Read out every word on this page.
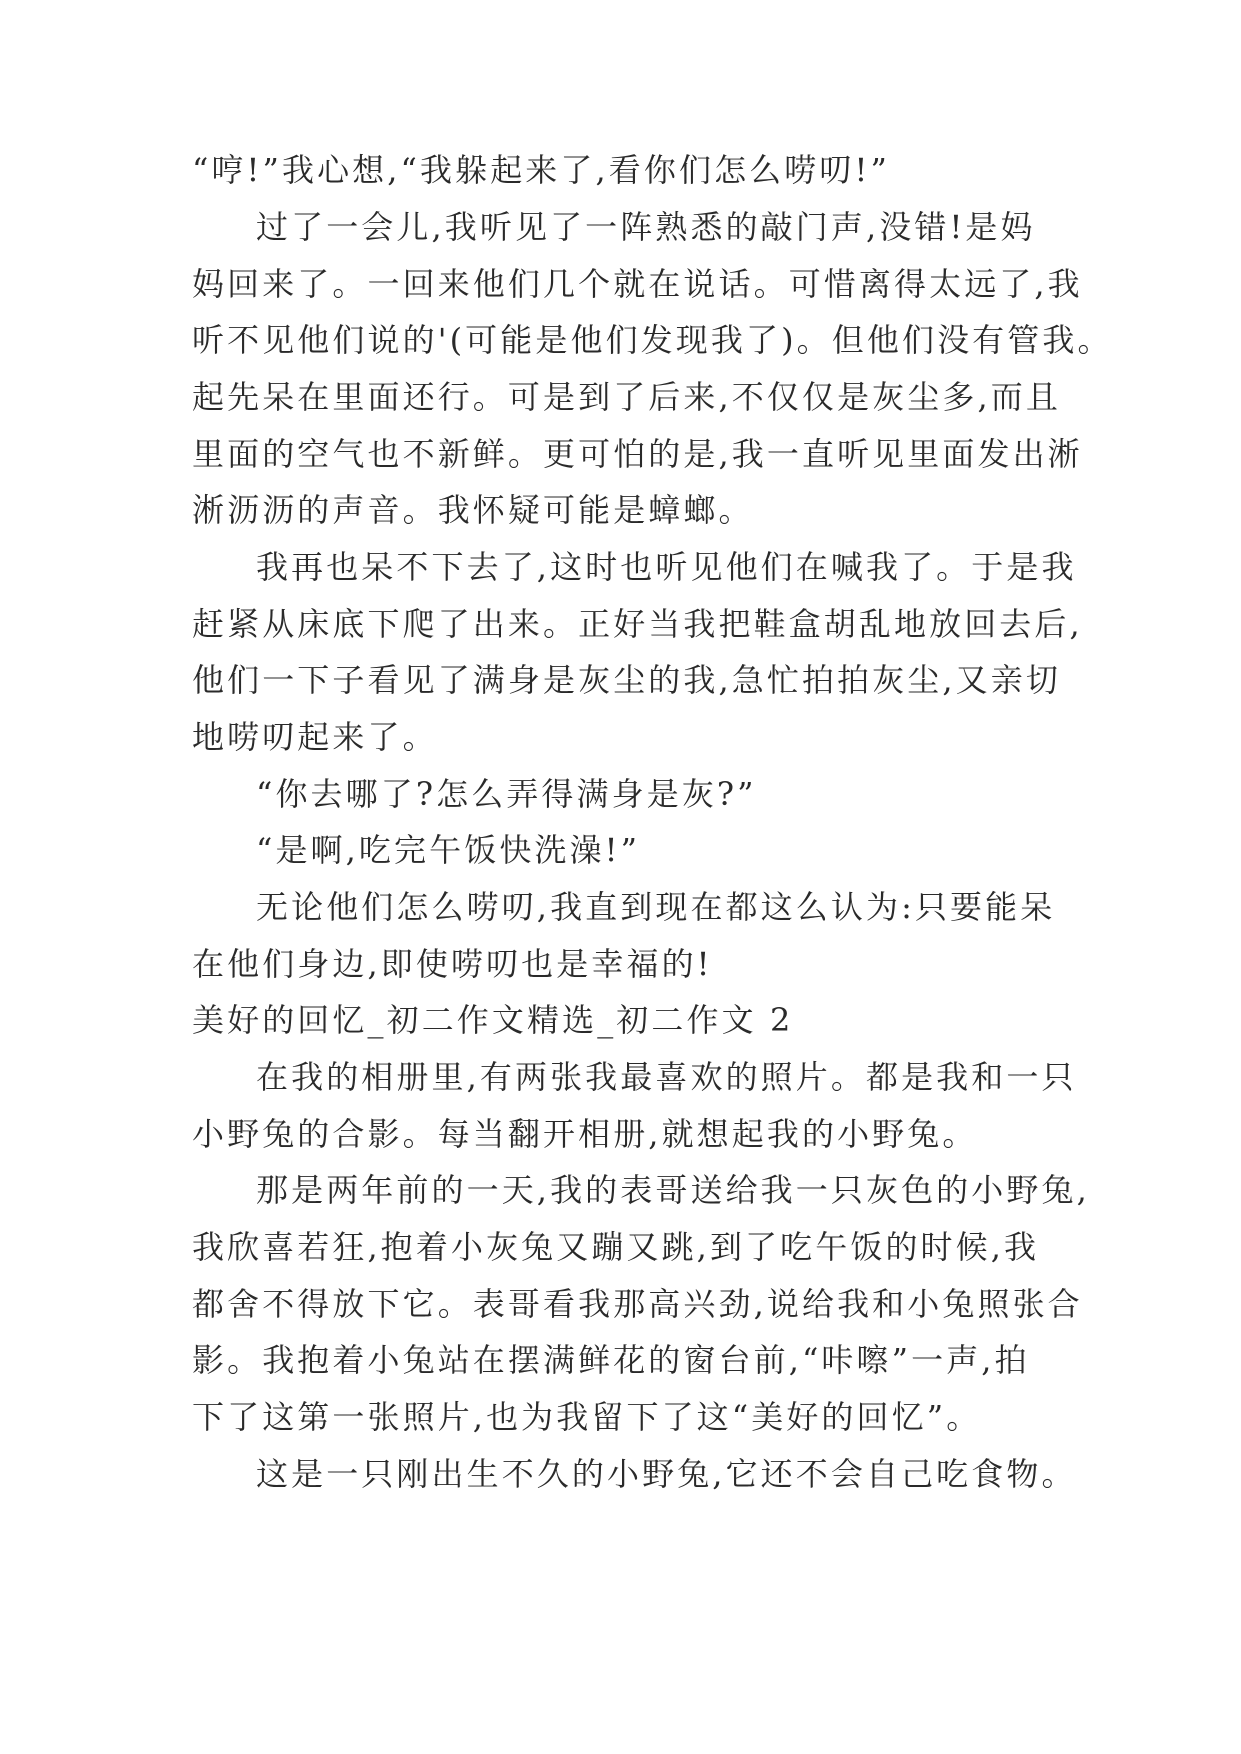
“哼!”我心想,“我躲起来了,看你们怎么唠叨!”
过了一会儿,我听见了一阵熟悉的敲门声,没错!是妈
妈回来了。一回来他们几个就在说话。可惜离得太远了,我
听不见他们说的'(可能是他们发现我了)。但他们没有管我。
起先呆在里面还行。可是到了后来,不仅仅是灰尘多,而且
里面的空气也不新鲜。更可怕的是,我一直听见里面发出淅
淅沥沥的声音。我怀疑可能是蟑螂。
我再也呆不下去了,这时也听见他们在喊我了。于是我
赶紧从床底下爬了出来。正好当我把鞋盒胡乱地放回去后,
他们一下子看见了满身是灰尘的我,急忙拍拍灰尘,又亲切
地唠叨起来了。
“你去哪了?怎么弄得满身是灰?”
“是啊,吃完午饭快洗澡!”
无论他们怎么唠叨,我直到现在都这么认为:只要能呆
在他们身边,即使唠叨也是幸福的!
美好的回忆_初二作文精选_初二作文 2
在我的相册里,有两张我最喜欢的照片。都是我和一只
小野兔的合影。每当翻开相册,就想起我的小野兔。
那是两年前的一天,我的表哥送给我一只灰色的小野兔,
我欣喜若狂,抱着小灰兔又蹦又跳,到了吃午饭的时候,我
都舍不得放下它。表哥看我那高兴劲,说给我和小兔照张合
影。我抱着小兔站在摆满鲜花的窗台前,“咔嚓”一声,拍
下了这第一张照片,也为我留下了这“美好的回忆”。
这是一只刚出生不久的小野兔,它还不会自己吃食物。
